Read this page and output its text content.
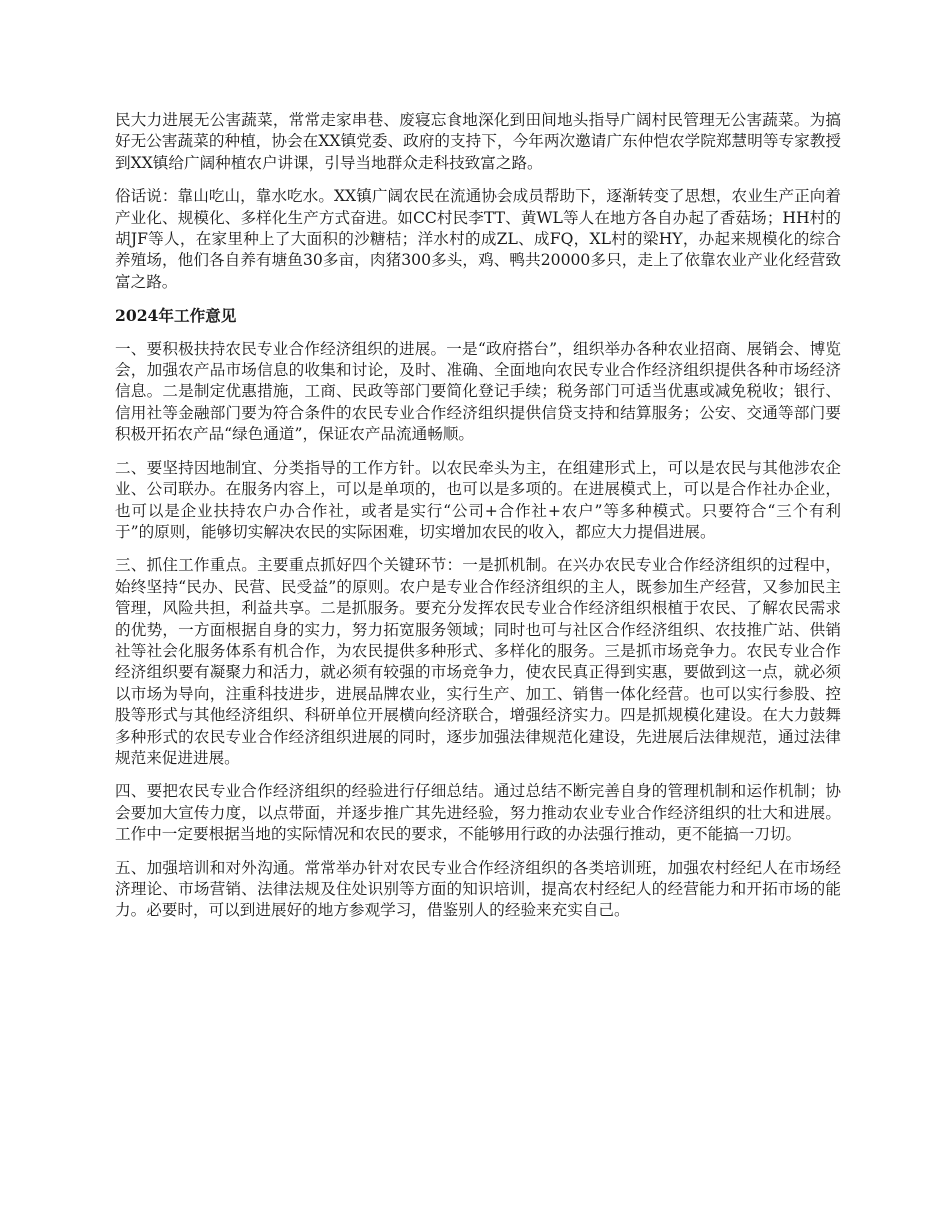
民大力进展无公害蔬菜，常常走家串巷、废寝忘食地深化到田间地头指导广阔村民管理无公害蔬菜。为搞好无公害蔬菜的种植，协会在XX镇党委、政府的支持下，今年两次邀请广东仲恺农学院郑慧明等专家教授到XX镇给广阔种植农户讲课，引导当地群众走科技致富之路。

俗话说：靠山吃山，靠水吃水。XX镇广阔农民在流通协会成员帮助下，逐渐转变了思想，农业生产正向着产业化、规模化、多样化生产方式奋进。如CC村民李TT、黄WL等人在地方各自办起了香菇场；HH村的胡JF等人，在家里种上了大面积的沙糖桔；洋水村的成ZL、成FQ，XL村的梁HY，办起来规模化的综合养殖场，他们各自养有塘鱼30多亩，肉猪300多头，鸡、鸭共20000多只，走上了依靠农业产业化经营致富之路。

2024年工作意见

一、要积极扶持农民专业合作经济组织的进展。一是“政府搭台”，组织举办各种农业招商、展销会、博览会，加强农产品市场信息的收集和讨论，及时、准确、全面地向农民专业合作经济组织提供各种市场经济信息。二是制定优惠措施，工商、民政等部门要简化登记手续；税务部门可适当优惠或减免税收；银行、信用社等金融部门要为符合条件的农民专业合作经济组织提供信贷支持和结算服务；公安、交通等部门要积极开拓农产品“绿色通道”，保证农产品流通畅顺。

二、要坚持因地制宜、分类指导的工作方针。以农民牵头为主，在组建形式上，可以是农民与其他涉农企业、公司联办。在服务内容上，可以是单项的，也可以是多项的。在进展模式上，可以是合作社办企业，也可以是企业扶持农户办合作社，或者是实行“公司+合作社+农户”等多种模式。只要符合“三个有利于”的原则，能够切实解决农民的实际困难，切实增加农民的收入，都应大力提倡进展。

三、抓住工作重点。主要重点抓好四个关键环节：一是抓机制。在兴办农民专业合作经济组织的过程中，始终坚持“民办、民营、民受益”的原则。农户是专业合作经济组织的主人，既参加生产经营，又参加民主管理，风险共担，利益共享。二是抓服务。要充分发挥农民专业合作经济组织根植于农民、了解农民需求的优势，一方面根据自身的实力，努力拓宽服务领域；同时也可与社区合作经济组织、农技推广站、供销社等社会化服务体系有机合作，为农民提供多种形式、多样化的服务。三是抓市场竞争力。农民专业合作经济组织要有凝聚力和活力，就必须有较强的市场竞争力，使农民真正得到实惠，要做到这一点，就必须以市场为导向，注重科技进步，进展品牌农业，实行生产、加工、销售一体化经营。也可以实行参股、控股等形式与其他经济组织、科研单位开展横向经济联合，增强经济实力。四是抓规模化建设。在大力鼓舞多种形式的农民专业合作经济组织进展的同时，逐步加强法律规范化建设，先进展后法律规范，通过法律规范来促进进展。

四、要把农民专业合作经济组织的经验进行仔细总结。通过总结不断完善自身的管理机制和运作机制；协会要加大宣传力度，以点带面，并逐步推广其先进经验，努力推动农业专业合作经济组织的壮大和进展。工作中一定要根据当地的实际情况和农民的要求，不能够用行政的办法强行推动，更不能搞一刀切。

五、加强培训和对外沟通。常常举办针对农民专业合作经济组织的各类培训班，加强农村经纪人在市场经济理论、市场营销、法律法规及住处识别等方面的知识培训，提高农村经纪人的经营能力和开拓市场的能力。必要时，可以到进展好的地方参观学习，借鉴别人的经验来充实自己。
